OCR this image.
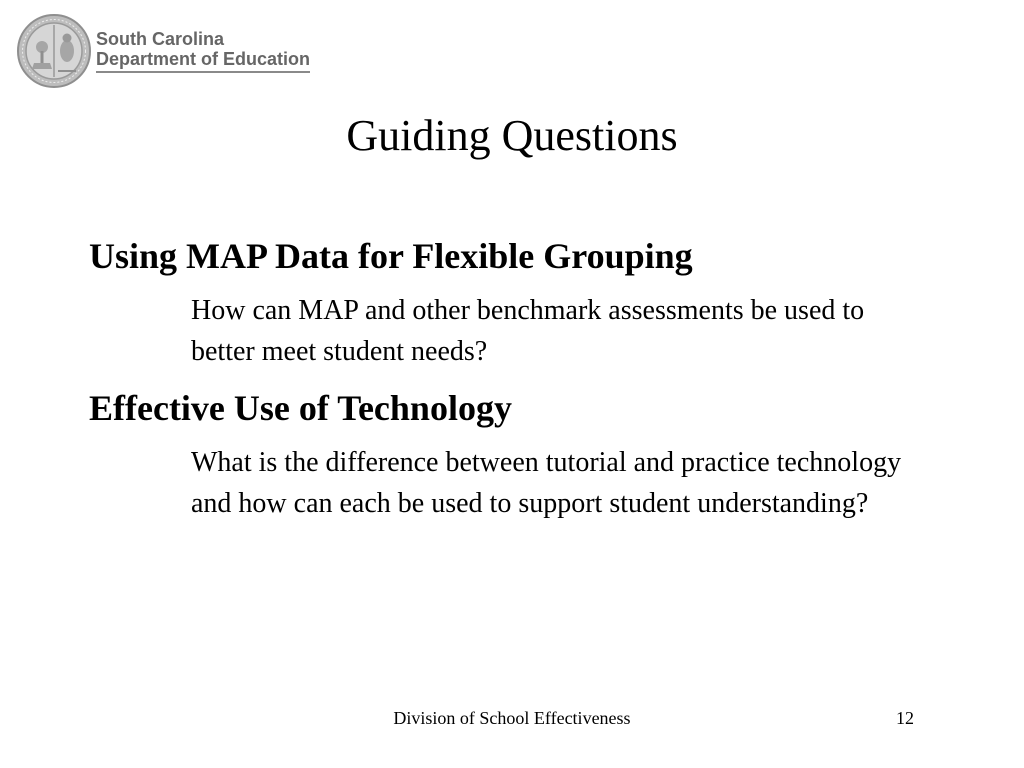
South Carolina
Department of Education
Guiding Questions

Using MAP Data for Flexible Grouping

How can MAP and other benchmark assessments be used to better meet student needs?

Effective Use of Technology

What is the difference between tutorial and practice technology and how can each be used to support student understanding?

Division of School Effectiveness	12
